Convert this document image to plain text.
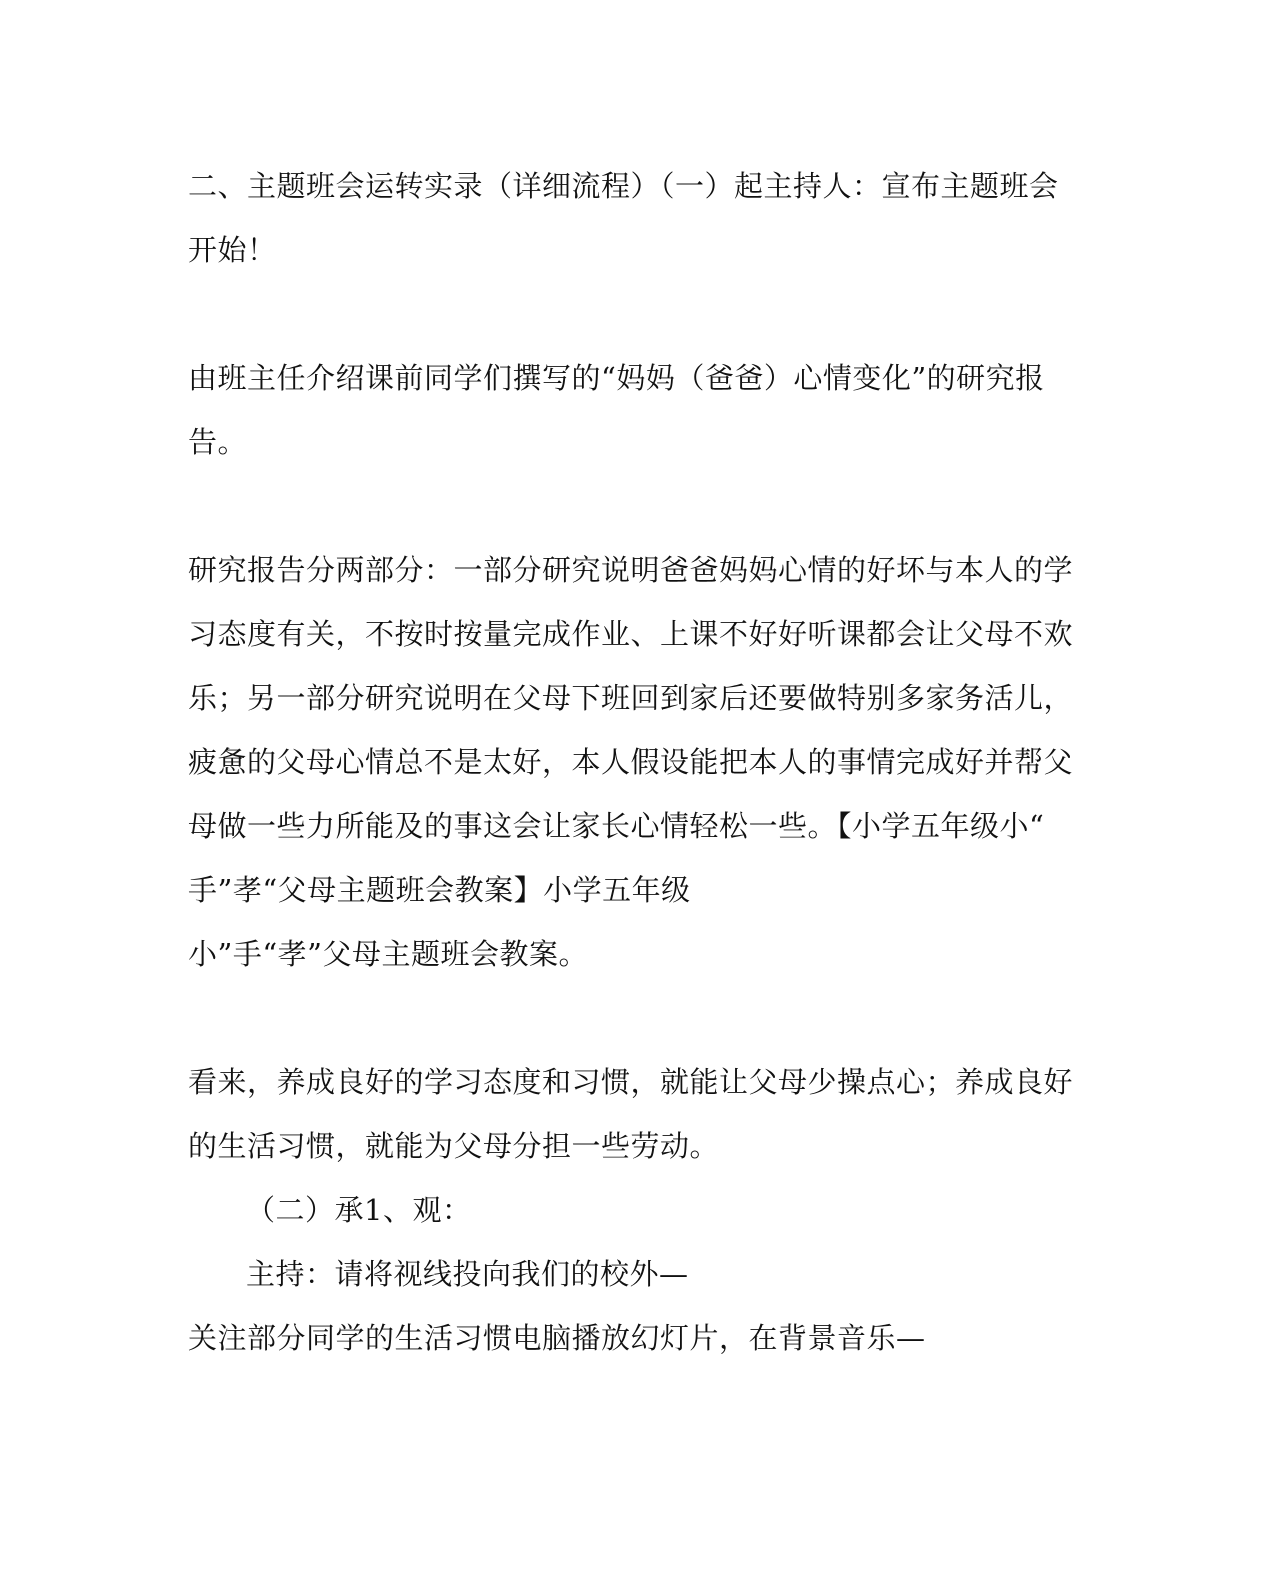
二、主题班会运转实录（详细流程）（一）起主持人：宣布主题班会
开始！
由班主任介绍课前同学们撰写的“妈妈（爸爸）心情变化”的研究报
告。
研究报告分两部分：一部分研究说明爸爸妈妈心情的好坏与本人的学
习态度有关，不按时按量完成作业、上课不好好听课都会让父母不欢
乐；另一部分研究说明在父母下班回到家后还要做特别多家务活儿，
疲惫的父母心情总不是太好，本人假设能把本人的事情完成好并帮父
母做一些力所能及的事这会让家长心情轻松一些。【小学五年级小“
手”孝“父母主题班会教案】小学五年级
小”手“孝”父母主题班会教案。
看来，养成良好的学习态度和习惯，就能让父母少操点心；养成良好
的生活习惯，就能为父母分担一些劳动。
（二）承1、观：
主持：请将视线投向我们的校外—
关注部分同学的生活习惯电脑播放幻灯片，在背景音乐—
